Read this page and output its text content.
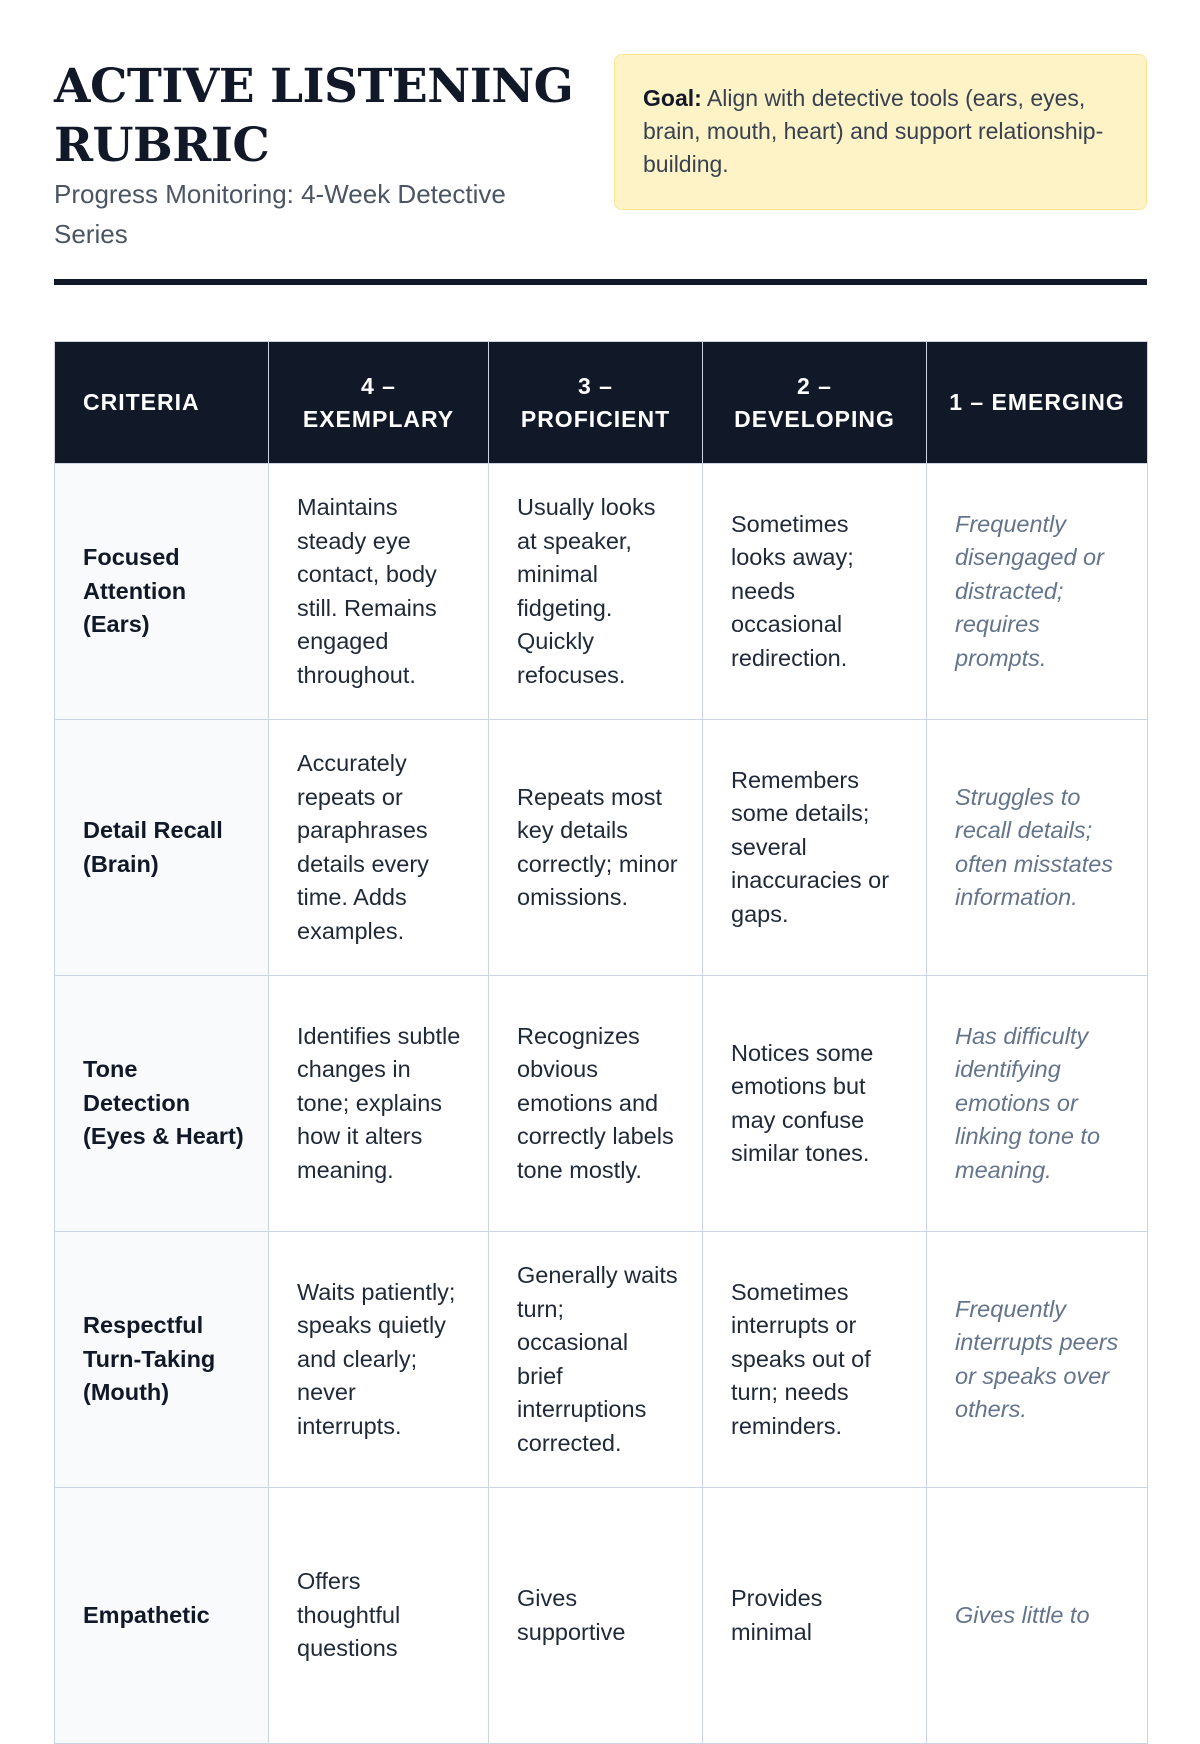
ACTIVE LISTENING RUBRIC

Progress Monitoring: 4-Week Detective Series

Goal: Align with detective tools (ears, eyes, brain, mouth, heart) and support relationship-building.
CRITERIA	4 – EXEMPLARY	3 – PROFICIENT	2 – DEVELOPING	1 – EMERGING
Focused Attention (Ears)	Maintains steady eye contact, body still. Remains engaged throughout.	Usually looks at speaker, minimal fidgeting. Quickly refocuses.	Sometimes looks away; needs occasional redirection.	Frequently disengaged or distracted; requires prompts.
Detail Recall (Brain)	Accurately repeats or paraphrases details every time. Adds examples.	Repeats most key details correctly; minor omissions.	Remembers some details; several inaccuracies or gaps.	Struggles to recall details; often misstates information.
Tone Detection (Eyes & Heart)	Identifies subtle changes in tone; explains how it alters meaning.	Recognizes obvious emotions and correctly labels tone mostly.	Notices some emotions but may confuse similar tones.	Has difficulty identifying emotions or linking tone to meaning.
Respectful Turn-Taking (Mouth)	Waits patiently; speaks quietly and clearly; never interrupts.	Generally waits turn; occasional brief interruptions corrected.	Sometimes interrupts or speaks out of turn; needs reminders.	Frequently interrupts peers or speaks over others.
Empathetic	Offers thoughtful questions	Gives supportive	Provides minimal	Gives little to
